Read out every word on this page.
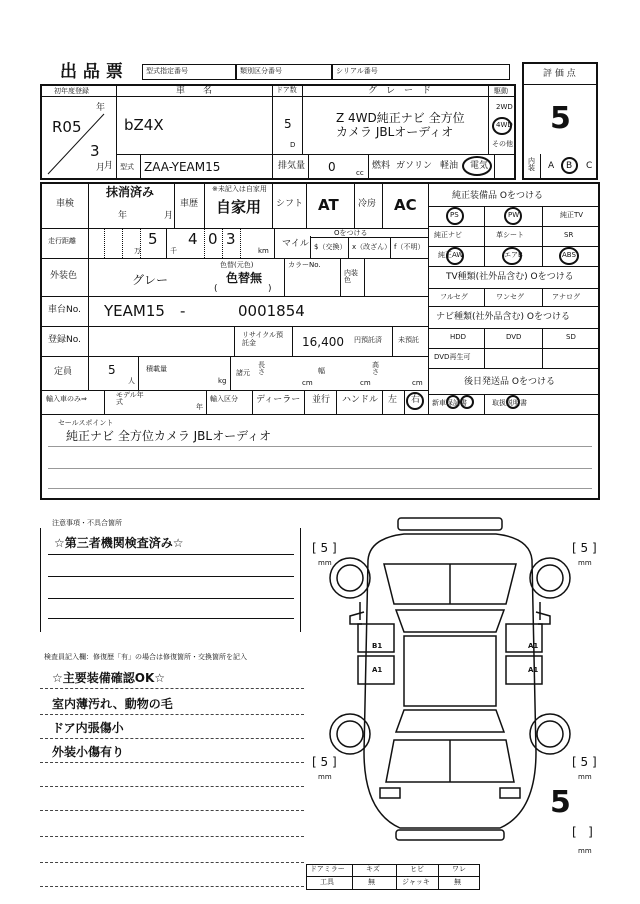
出 品 票	型式指定番号	類別区分番号	シリアル番号	評 価 点
5
初年度登録
年
R05
3
月
車　　名
bZ4X
ドア数
5
D
グ　レ　ー　ド
Z 4WD純正ナビ 全方位
カメラ JBLオーディオ
駆動
2WD
4WD
その他
月 型式 ZAA-YEAM15	排気量 0	cc
燃料 ガソリン 軽油 電気	内装	A B C
車検
抹消済み
年	月
車歴
※未記入は自家用
自家用 シフト AT 冷房 AC
走行距離	5
万	千
4 0 3
km
マイル
Oをつける
$（交換） x（改ざん） f（不明）
外装色	グレー
色替(元色)
色替無
(	)
カラーNo.
内装色
車台No. YEAM15 -	0001854
登録No.	リサイクル預託金	16,400 円預託済 未預託
定員	5
人
積載量
kg
諸元
長さ
cm
幅
cm
高さ
cm
輸入車のみ⇒	モデル年式
年
輸入区分 ディーラー 並行 ハンドル 左 右
純正装備品 Oをつける
PS	PW	純正TV
純正ナビ	革シート	SR
純正AW	エアB	ABS
TV種類(社外品含む) Oをつける
フルセグ	ワンセグ	アナログ
ナビ種類(社外品含む) Oをつける
HDD	DVD	SD
DVD再生可
後日発送品 Oをつける
新車保証書	取扱説明書
セールスポイント
純正ナビ 全方位カメラ JBLオーディオ
注意事項・不具合箇所
☆第三者機関検査済み☆
検査員記入欄：修復歴「有」の場合は修復箇所・交換箇所を記入
☆主要装備確認OK☆
室内薄汚れ、動物の毛
ドア内張傷小
外装小傷有り
B1
A1
A1
A1
[ 5 ]
mm
[ 5 ]
mm
[ 5 ]
mm
[ 5 ]
mm
[   ]
mm
5
ドアミラー	キズ	ヒビ	ワレ
工具	無	ジャッキ	無
